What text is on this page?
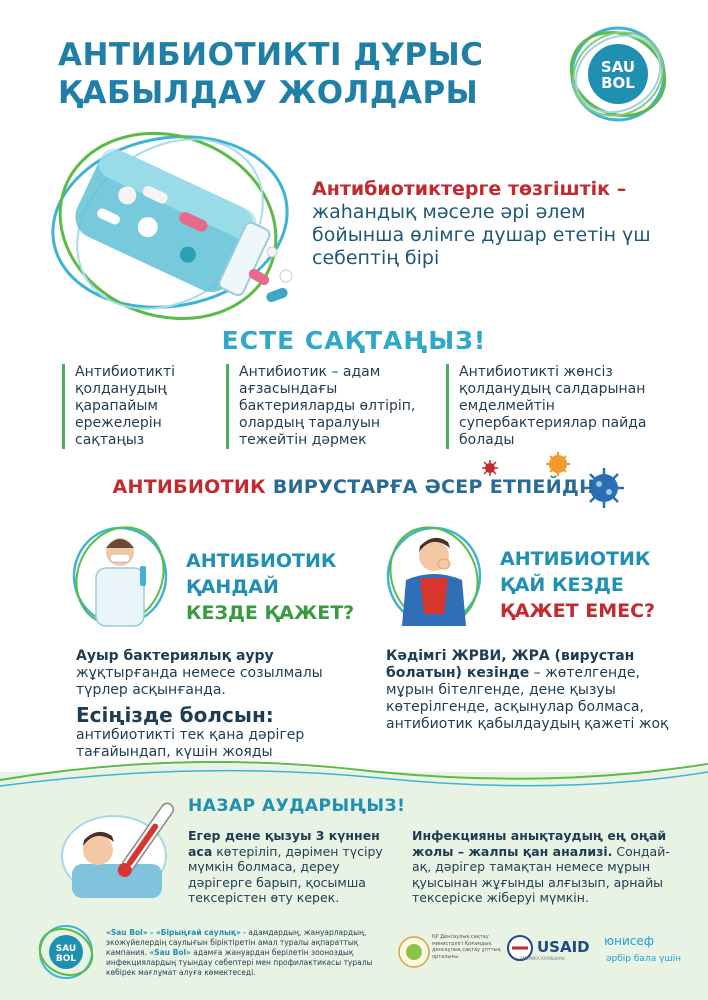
АНТИБИОТИКТІ ДҰРЫС
ҚАБЫЛДАУ ЖОЛДАРЫ
SAU
BOL
Антибиотиктерге төзгіштік –
жаһандық мәселе әрі әлем бойынша өлімге душар ететін үш себептің бірі
ЕСТЕ САҚТАҢЫЗ!
Антибиотикті қолданудың қарапайым ережелерін сақтаңыз
Антибиотик – адам ағзасындағы бактерияларды өлтіріп, олардың таралуын тежейтін дәрмек
Антибиотикті жөнсіз қолданудың салдарынан емделмейтін супербактериялар пайда болады
АНТИБИОТИК ВИРУСТАРҒА ӘСЕР ЕТПЕЙДІ!
АНТИБИОТИК
ҚАНДАЙ
КЕЗДЕ ҚАЖЕТ?
АНТИБИОТИК
ҚАЙ КЕЗДЕ
ҚАЖЕТ ЕМЕС?
Ауыр бактериялық ауру
жұқтырғанда немесе созылмалы түрлер асқынғанда.
Есіңізде болсын:
антибиотикті тек қана дәрігер тағайындап, күшін жояды
Кәдімгі ЖРВИ, ЖРА (вирустан болатын) кезінде – жөтелгенде, мұрын бітелгенде, дене қызуы көтерілгенде, асқынулар болмаса, антибиотик қабылдаудың қажеті жоқ
НАЗАР АУДАРЫҢЫЗ!
Егер дене қызуы 3 күннен аса көтеріліп, дәрімен түсіру мүмкін болмаса, дереу дәрігерге барып, қосымша тексерістен өту керек.
Инфекцияны анықтаудың ең оңай жолы – жалпы қан анализі. Сондай-ақ, дәрігер тамақтан немесе мұрын қуысынан жұғынды алғызып, арнайы тексеріске жіберуі мүмкін.
SAU
BOL
«Sau Bol» - «Бірыңғай саулық» - адамдардың, жануарлардың, экожүйелердің саулығын біріктіретін амал туралы ақпараттық кампания. «Sau Bol» адамға жануардан берілетін зооноздық инфекциялардың туындау себептері мен профилактикасы туралы көбірек мағлұмат алуға көмектеседі.
ҚР Денсаулық сақтау министрлігі Қоғамдық денсаулық сақтау ұлттық орталығы
USAID
АМЕРИКА ХАЛҚЫНАН
юнисеф
әрбір бала үшін
